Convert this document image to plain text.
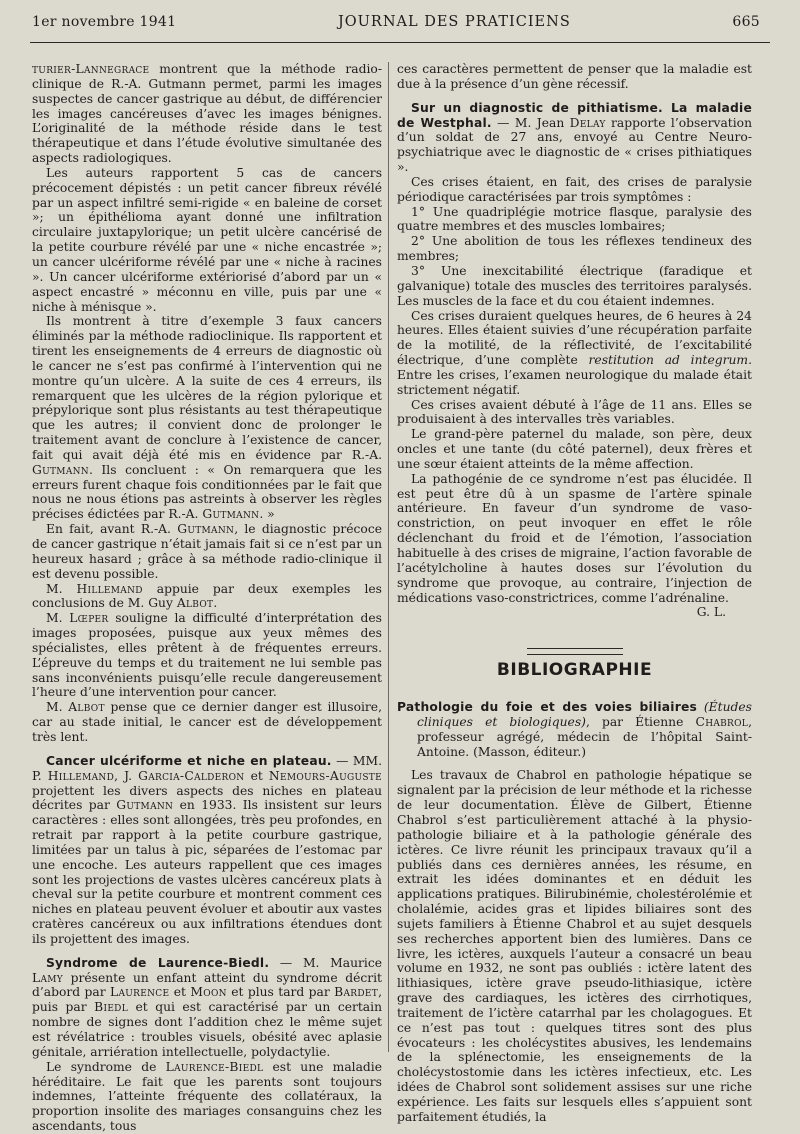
1er novembre 1941	JOURNAL DES PRATICIENS	665

turier-Lannegrace montrent que la méthode radio-clinique de R.-A. Gutmann permet, parmi les images suspectes de cancer gastrique au début, de différencier les images cancéreuses d’avec les images bénignes. L’originalité de la méthode réside dans le test thérapeutique et dans l’étude évolutive simultanée des aspects radiologiques.

Les auteurs rapportent 5 cas de cancers précocement dépistés : un petit cancer fibreux révélé par un aspect infiltré semi-rigide « en baleine de corset »; un épithélioma ayant donné une infiltration circulaire juxtapylorique; un petit ulcère cancérisé de la petite courbure révélé par une « niche encastrée »; un cancer ulcériforme révélé par une « niche à racines ». Un cancer ulcériforme extériorisé d’abord par un « aspect encastré » méconnu en ville, puis par une « niche à ménisque ».

Ils montrent à titre d’exemple 3 faux cancers éliminés par la méthode radioclinique. Ils rapportent et tirent les enseignements de 4 erreurs de diagnostic où le cancer ne s’est pas confirmé à l’intervention qui ne montre qu’un ulcère. A la suite de ces 4 erreurs, ils remarquent que les ulcères de la région pylorique et prépylorique sont plus résistants au test thérapeutique que les autres; il convient donc de prolonger le traitement avant de conclure à l’existence de cancer, fait qui avait déjà été mis en évidence par R.-A. Gutmann. Ils concluent : « On remarquera que les erreurs furent chaque fois conditionnées par le fait que nous ne nous étions pas astreints à observer les règles précises édictées par R.-A. Gutmann. »

En fait, avant R.-A. Gutmann, le diagnostic précoce de cancer gastrique n’était jamais fait si ce n’est par un heureux hasard ; grâce à sa méthode radio-clinique il est devenu possible.

M. Hillemand appuie par deux exemples les conclusions de M. Guy Albot.

M. Lœper souligne la difficulté d’interprétation des images proposées, puisque aux yeux mêmes des spécialistes, elles prêtent à de fréquentes erreurs. L’épreuve du temps et du traitement ne lui semble pas sans inconvénients puisqu’elle recule dangereusement l’heure d’une intervention pour cancer.

M. Albot pense que ce dernier danger est illusoire, car au stade initial, le cancer est de développement très lent.

Cancer ulcériforme et niche en plateau. — MM. P. Hillemand, J. Garcia-Calderon et Nemours-Auguste projettent les divers aspects des niches en plateau décrites par Gutmann en 1933. Ils insistent sur leurs caractères : elles sont allongées, très peu profondes, en retrait par rapport à la petite courbure gastrique, limitées par un talus à pic, séparées de l’estomac par une encoche. Les auteurs rappellent que ces images sont les projections de vastes ulcères cancéreux plats à cheval sur la petite courbure et montrent comment ces niches en plateau peuvent évoluer et aboutir aux vastes cratères cancéreux ou aux infiltrations étendues dont ils projettent des images.

Syndrome de Laurence-Biedl. — M. Maurice Lamy présente un enfant atteint du syndrome décrit d’abord par Laurence et Moon et plus tard par Bardet, puis par Biedl et qui est caractérisé par un certain nombre de signes dont l’addition chez le même sujet est révélatrice : troubles visuels, obésité avec aplasie génitale, arriération intellectuelle, polydactylie.

Le syndrome de Laurence-Biedl est une maladie héréditaire. Le fait que les parents sont toujours indemnes, l’atteinte fréquente des collatéraux, la proportion insolite des mariages consanguins chez les ascendants, tous

ces caractères permettent de penser que la maladie est due à la présence d’un gène récessif.

Sur un diagnostic de pithiatisme. La maladie de Westphal. — M. Jean Delay rapporte l’observation d’un soldat de 27 ans, envoyé au Centre Neuro-psychiatrique avec le diagnostic de « crises pithiatiques ».

Ces crises étaient, en fait, des crises de paralysie périodique caractérisées par trois symptômes :

1° Une quadriplégie motrice flasque, paralysie des quatre membres et des muscles lombaires;

2° Une abolition de tous les réflexes tendineux des membres;

3° Une inexcitabilité électrique (faradique et galvanique) totale des muscles des territoires paralysés. Les muscles de la face et du cou étaient indemnes.

Ces crises duraient quelques heures, de 6 heures à 24 heures. Elles étaient suivies d’une récupération parfaite de la motilité, de la réflectivité, de l’excitabilité électrique, d’une complète restitution ad integrum. Entre les crises, l’examen neurologique du malade était strictement négatif.

Ces crises avaient débuté à l’âge de 11 ans. Elles se produisaient à des intervalles très variables.

Le grand-père paternel du malade, son père, deux oncles et une tante (du côté paternel), deux frères et une sœur étaient atteints de la même affection.

La pathogénie de ce syndrome n’est pas élucidée. Il est peut être dû à un spasme de l’artère spinale antérieure. En faveur d’un syndrome de vaso-constriction, on peut invoquer en effet le rôle déclenchant du froid et de l’émotion, l’association habituelle à des crises de migraine, l’action favorable de l’acétylcholine à hautes doses sur l’évolution du syndrome que provoque, au contraire, l’injection de médications vaso-constrictrices, comme l’adrénaline.

G. L.

BIBLIOGRAPHIE

Pathologie du foie et des voies biliaires (Études cliniques et biologiques), par Étienne Chabrol, professeur agrégé, médecin de l’hôpital Saint-Antoine. (Masson, éditeur.)

Les travaux de Chabrol en pathologie hépatique se signalent par la précision de leur méthode et la richesse de leur documentation. Élève de Gilbert, Étienne Chabrol s’est particulièrement attaché à la physio-pathologie biliaire et à la pathologie générale des ictères. Ce livre réunit les principaux travaux qu’il a publiés dans ces dernières années, les résume, en extrait les idées dominantes et en déduit les applications pratiques. Bilirubinémie, cholestérolémie et cholalémie, acides gras et lipides biliaires sont des sujets familiers à Étienne Chabrol et au sujet desquels ses recherches apportent bien des lumières. Dans ce livre, les ictères, auxquels l’auteur a consacré un beau volume en 1932, ne sont pas oubliés : ictère latent des lithiasiques, ictère grave pseudo-lithiasique, ictère grave des cardiaques, les ictères des cirrhotiques, traitement de l’ictère catarrhal par les cholagogues. Et ce n’est pas tout : quelques titres sont des plus évocateurs : les cholécystites abusives, les lendemains de la splénectomie, les enseignements de la cholécystostomie dans les ictères infectieux, etc. Les idées de Chabrol sont solidement assises sur une riche expérience. Les faits sur lesquels elles s’appuient sont parfaitement étudiés, la
